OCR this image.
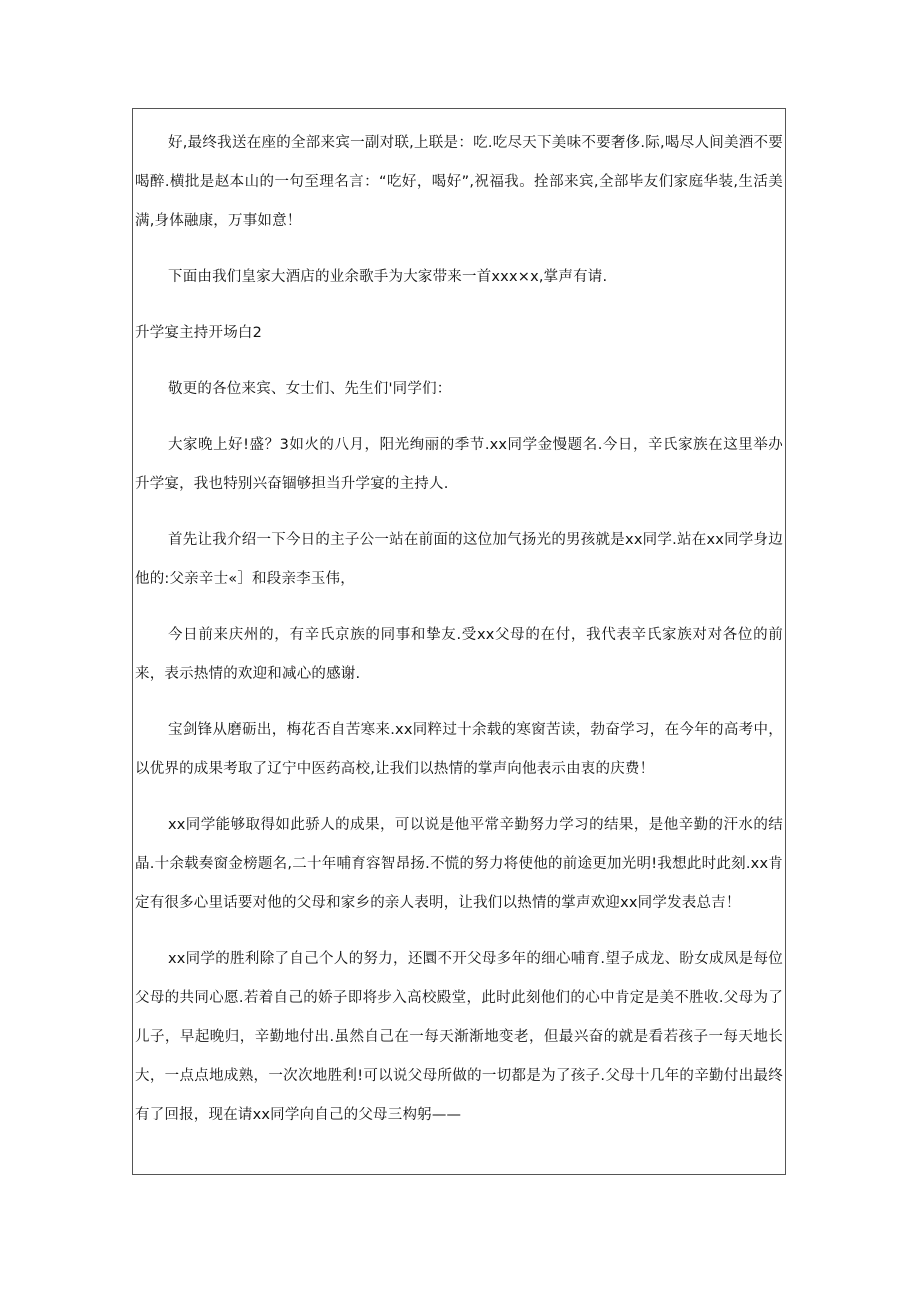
好,最终我送在座的全部来宾一副对联,上联是：吃.吃尽天下美味不要奢侈.际,喝尽人间美酒不要喝醉.横批是赵本山的一句至理名言：“吃好，喝好”,祝福我。拴部来宾,全部毕友们家庭华装,生活美满,身体融康，万事如意！

下面由我们皇家大酒店的业余歌手为大家带来一首xxx×x,掌声有请.

升学宴主持开场白2

敬更的各位来宾、女士们、先生们'同学们：

大家晚上好!盛？3如火的八月，阳光绚丽的季节.xx同学金慢题名.今日，辛氏家族在这里举办升学宴，我也特别兴奋锢够担当升学宴的主持人.

首先让我介绍一下今日的主子公一站在前面的这位加气扬光的男孩就是xx同学.站在xx同学身边他的:父亲辛士«］和段亲李玉伟，

今日前来庆州的，有辛氏京族的同事和挚友.受xx父母的在付，我代表辛氏家族对对各位的前来，表示热情的欢迎和减心的感谢.

宝剑锋从磨砺出，梅花否自苦寒来.xx同粹过十余载的寒窗苦读，勃奋学习，在今年的高考中，以优界的成果考取了辽宁中医药高校,让我们以热情的掌声向他表示由衷的庆费！

xx同学能够取得如此骄人的成果，可以说是他平常辛勤努力学习的结果，是他辛勤的汗水的结晶.十余载奏窗金榜题名,二十年哺育容智昂扬.不慌的努力将使他的前途更加光明!我想此时此刻.xx肯定有很多心里话要对他的父母和家乡的亲人表明，让我们以热情的掌声欢迎xx同学发表总吉！

xx同学的胜利除了自己个人的努力，还圜不开父母多年的细心哺育.望子成龙、盼女成凤是每位父母的共同心愿.若着自己的娇子即将步入高校殿堂，此时此刻他们的心中肯定是美不胜收.父母为了儿子，早起晚归，辛勤地付出.虽然自己在一每天渐渐地变老，但最兴奋的就是看若孩子一每天地长大，一点点地成熟，一次次地胜利!可以说父母所做的一切都是为了孩子.父母十几年的辛勤付出最终有了回报，现在请xx同学向自己的父母三构躬——
